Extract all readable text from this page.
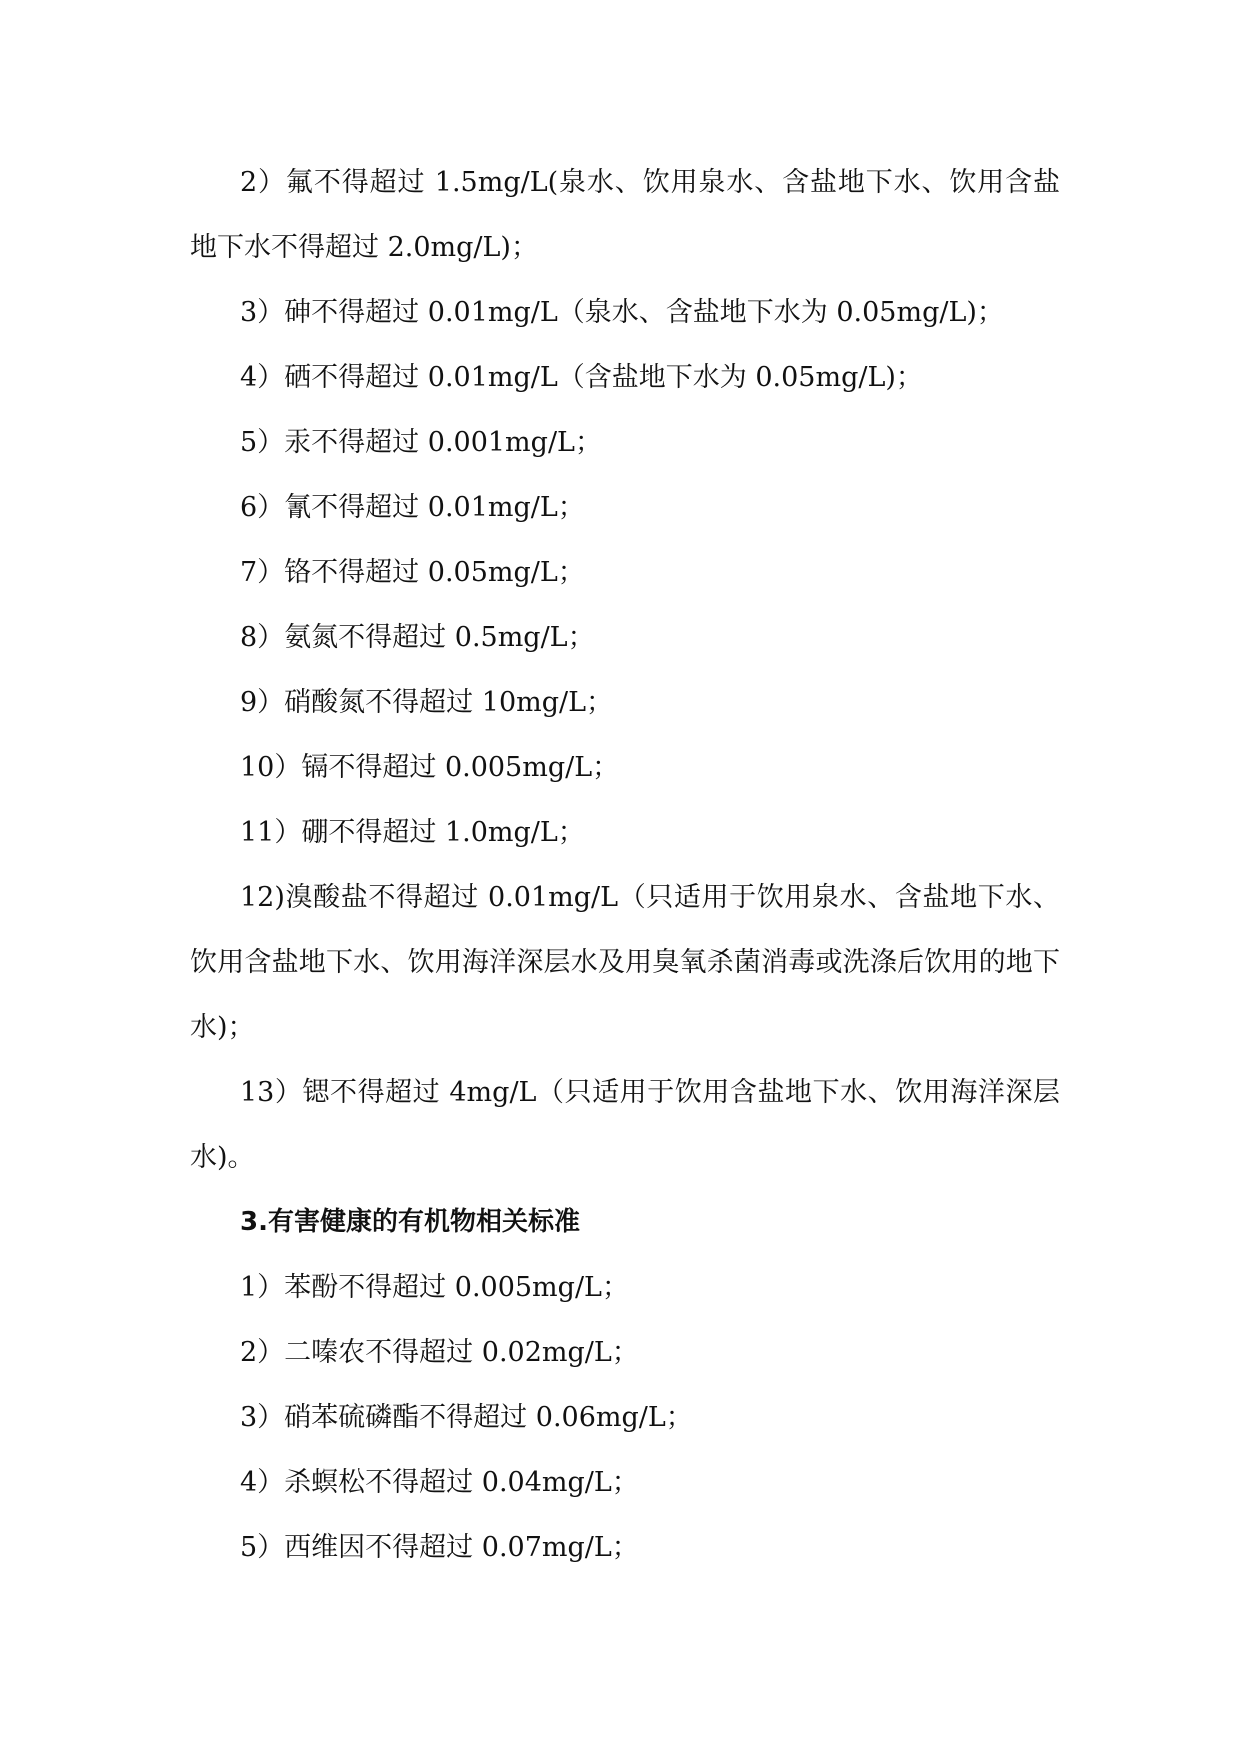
2）氟不得超过 1.5mg/L(泉水、饮用泉水、含盐地下水、饮用含盐地下水不得超过 2.0mg/L)；

3）砷不得超过 0.01mg/L（泉水、含盐地下水为 0.05mg/L)；

4）硒不得超过 0.01mg/L（含盐地下水为 0.05mg/L)；

5）汞不得超过 0.001mg/L；

6）氰不得超过 0.01mg/L；

7）铬不得超过 0.05mg/L；

8）氨氮不得超过 0.5mg/L；

9）硝酸氮不得超过 10mg/L；

10）镉不得超过 0.005mg/L；

11）硼不得超过 1.0mg/L；

12)溴酸盐不得超过 0.01mg/L（只适用于饮用泉水、含盐地下水、饮用含盐地下水、饮用海洋深层水及用臭氧杀菌消毒或洗涤后饮用的地下水)；

13）锶不得超过 4mg/L（只适用于饮用含盐地下水、饮用海洋深层水)。

3.有害健康的有机物相关标准

1）苯酚不得超过 0.005mg/L；

2）二嗪农不得超过 0.02mg/L；

3）硝苯硫磷酯不得超过 0.06mg/L；

4）杀螟松不得超过 0.04mg/L；

5）西维因不得超过 0.07mg/L；
